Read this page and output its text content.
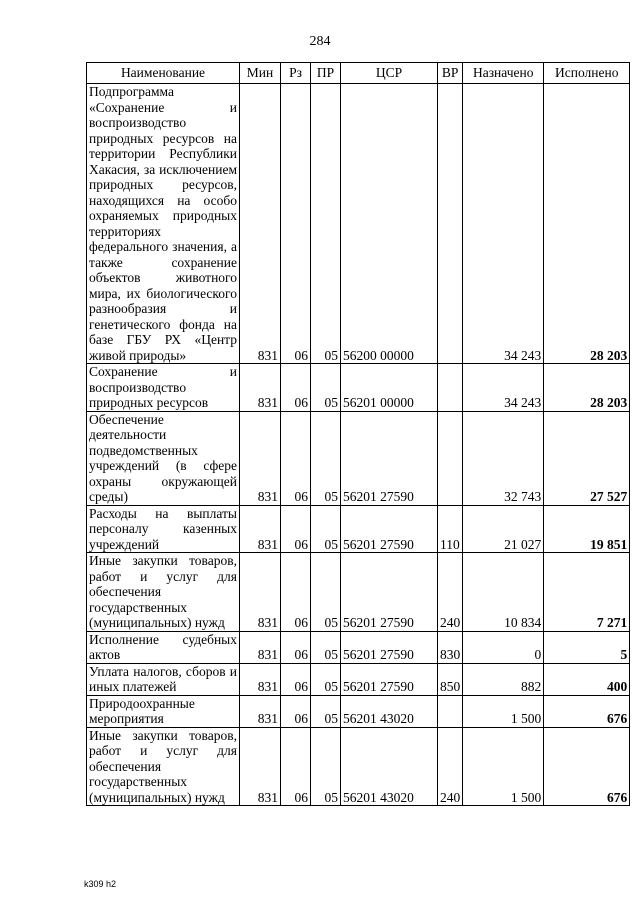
284
Наименование	Мин	Рз	ПР	ЦСР	ВР	Назначено	Исполнено
Подпрограмма «Сохранение и воспроизводство природных ресурсов на территории Республики Хакасия, за исключением природных ресурсов, находящихся на особо охраняемых природных территориях федерального значения, а также сохранение объектов животного мира, их биологического разнообразия и генетического фонда на базе ГБУ РХ «Центр живой природы»	831	06	05	56200 00000		34 243	28 203
Сохранение и воспроизводство природных ресурсов	831	06	05	56201 00000		34 243	28 203
Обеспечение деятельности подведомственных учреждений (в сфере охраны окружающей среды)	831	06	05	56201 27590		32 743	27 527
Расходы на выплаты персоналу казенных учреждений	831	06	05	56201 27590	110	21 027	19 851
Иные закупки товаров, работ и услуг для обеспечения государственных (муниципальных) нужд	831	06	05	56201 27590	240	10 834	7 271
Исполнение судебных актов	831	06	05	56201 27590	830	0	5
Уплата налогов, сборов и иных платежей	831	06	05	56201 27590	850	882	400
Природоохранные мероприятия	831	06	05	56201 43020		1 500	676
Иные закупки товаров, работ и услуг для обеспечения государственных (муниципальных) нужд	831	06	05	56201 43020	240	1 500	676
k309 h2
